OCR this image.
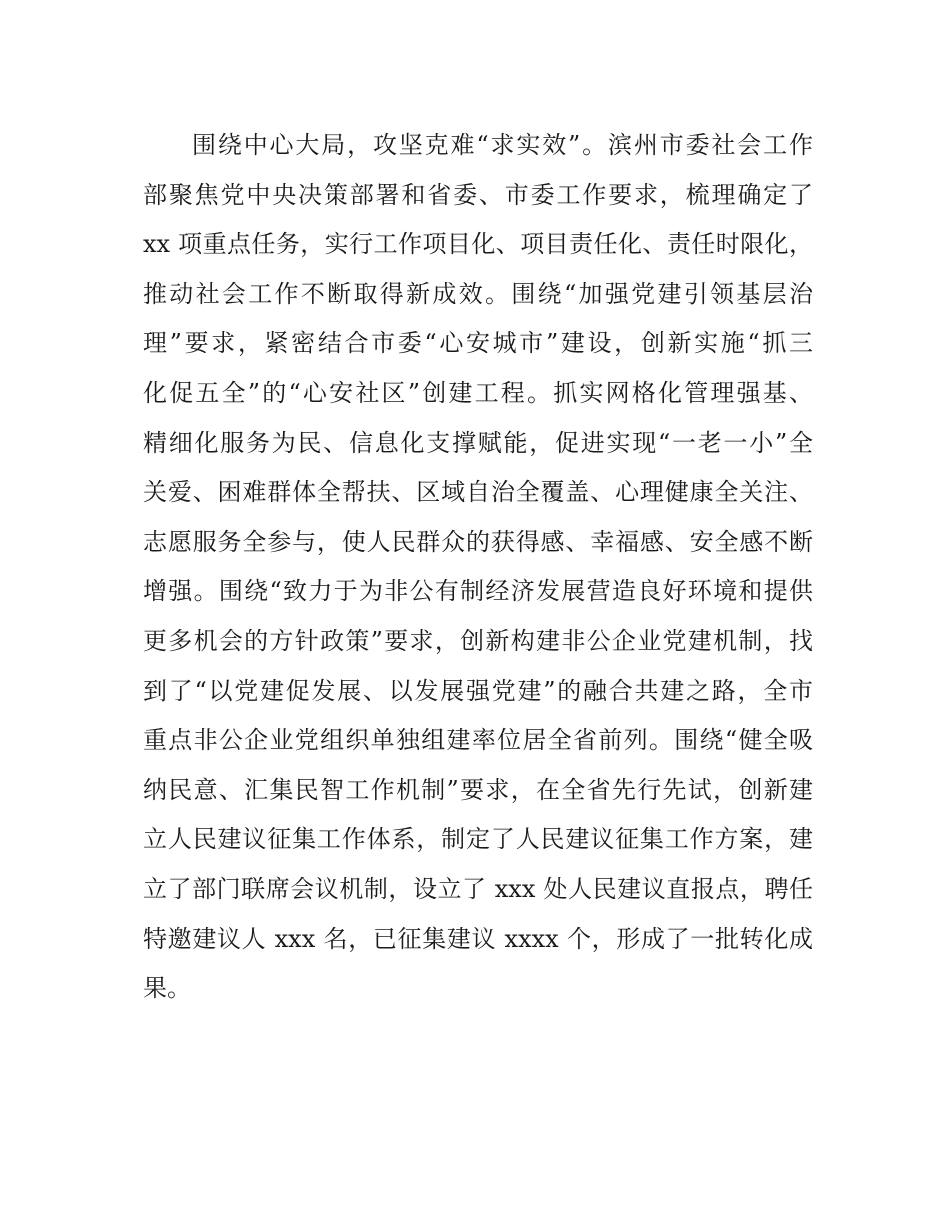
围绕中心大局，攻坚克难“求实效”。滨州市委社会工作
部聚焦党中央决策部署和省委、市委工作要求，梳理确定了
xx 项重点任务，实行工作项目化、项目责任化、责任时限化，
推动社会工作不断取得新成效。围绕“加强党建引领基层治
理”要求，紧密结合市委“心安城市”建设，创新实施“抓三
化促五全”的“心安社区”创建工程。抓实网格化管理强基、
精细化服务为民、信息化支撑赋能，促进实现“一老一小”全
关爱、困难群体全帮扶、区域自治全覆盖、心理健康全关注、
志愿服务全参与，使人民群众的获得感、幸福感、安全感不断
增强。围绕“致力于为非公有制经济发展营造良好环境和提供
更多机会的方针政策”要求，创新构建非公企业党建机制，找
到了“以党建促发展、以发展强党建”的融合共建之路，全市
重点非公企业党组织单独组建率位居全省前列。围绕“健全吸
纳民意、汇集民智工作机制”要求，在全省先行先试，创新建
立人民建议征集工作体系，制定了人民建议征集工作方案，建
立了部门联席会议机制，设立了 xxx 处人民建议直报点，聘任
特邀建议人 xxx 名，已征集建议 xxxx 个，形成了一批转化成
果。
